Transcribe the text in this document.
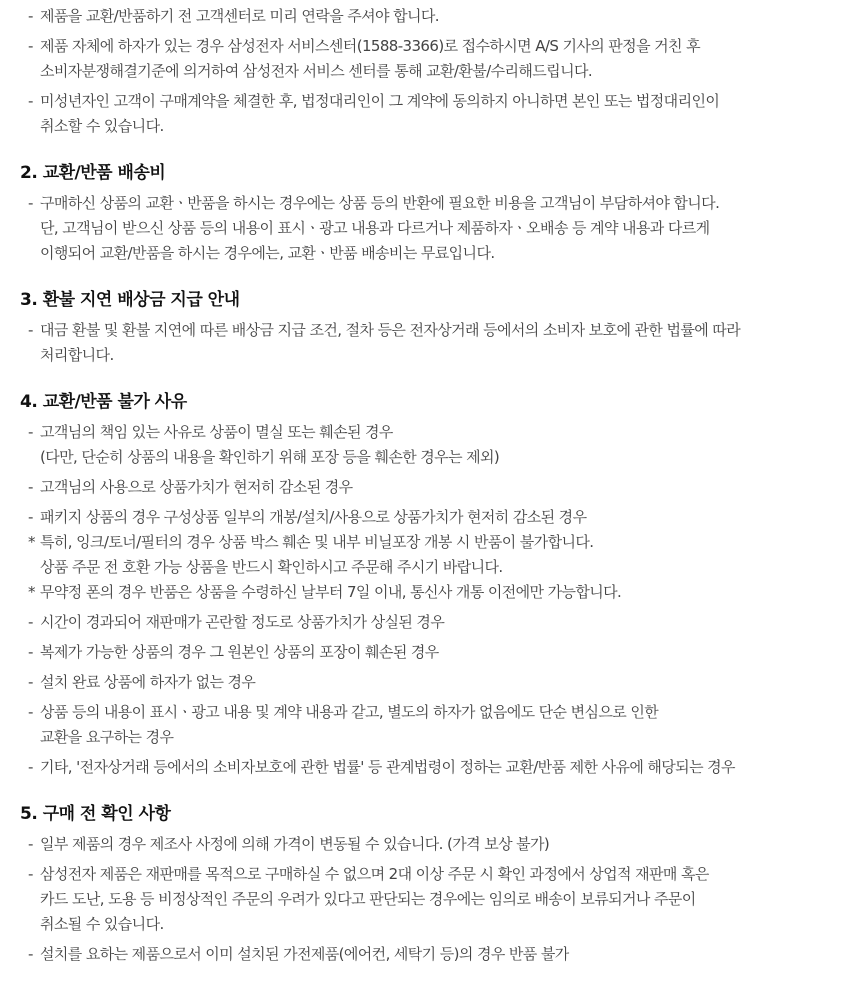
- 제품을 교환/반품하기 전 고객센터로 미리 연락을 주셔야 합니다.
- 제품 자체에 하자가 있는 경우 삼성전자 서비스센터(1588-3366)로 접수하시면 A/S 기사의 판정을 거친 후
소비자분쟁해결기준에 의거하여 삼성전자 서비스 센터를 통해 교환/환불/수리해드립니다.
- 미성년자인 고객이 구매계약을 체결한 후, 법정대리인이 그 계약에 동의하지 아니하면 본인 또는 법정대리인이
취소할 수 있습니다.
2. 교환/반품 배송비
- 구매하신 상품의 교환ㆍ반품을 하시는 경우에는 상품 등의 반환에 필요한 비용을 고객님이 부담하셔야 합니다.
단, 고객님이 받으신 상품 등의 내용이 표시ㆍ광고 내용과 다르거나 제품하자ㆍ오배송 등 계약 내용과 다르게
이행되어 교환/반품을 하시는 경우에는, 교환ㆍ반품 배송비는 무료입니다.
3. 환불 지연 배상금 지급 안내
- 대금 환불 및 환불 지연에 따른 배상금 지급 조건, 절차 등은 전자상거래 등에서의 소비자 보호에 관한 법률에 따라
처리합니다.
4. 교환/반품 불가 사유
- 고객님의 책임 있는 사유로 상품이 멸실 또는 훼손된 경우
(다만, 단순히 상품의 내용을 확인하기 위해 포장 등을 훼손한 경우는 제외)
- 고객님의 사용으로 상품가치가 현저히 감소된 경우
- 패키지 상품의 경우 구성상품 일부의 개봉/설치/사용으로 상품가치가 현저히 감소된 경우
* 특히, 잉크/토너/필터의 경우 상품 박스 훼손 및 내부 비닐포장 개봉 시 반품이 불가합니다.
상품 주문 전 호환 가능 상품을 반드시 확인하시고 주문해 주시기 바랍니다.
* 무약정 폰의 경우 반품은 상품을 수령하신 날부터 7일 이내, 통신사 개통 이전에만 가능합니다.
- 시간이 경과되어 재판매가 곤란할 정도로 상품가치가 상실된 경우
- 복제가 가능한 상품의 경우 그 원본인 상품의 포장이 훼손된 경우
- 설치 완료 상품에 하자가 없는 경우
- 상품 등의 내용이 표시ㆍ광고 내용 및 계약 내용과 같고, 별도의 하자가 없음에도 단순 변심으로 인한
교환을 요구하는 경우
- 기타, '전자상거래 등에서의 소비자보호에 관한 법률' 등 관계법령이 정하는 교환/반품 제한 사유에 해당되는 경우
5. 구매 전 확인 사항
- 일부 제품의 경우 제조사 사정에 의해 가격이 변동될 수 있습니다. (가격 보상 불가)
- 삼성전자 제품은 재판매를 목적으로 구매하실 수 없으며 2대 이상 주문 시 확인 과정에서 상업적 재판매 혹은
카드 도난, 도용 등 비정상적인 주문의 우려가 있다고 판단되는 경우에는 임의로 배송이 보류되거나 주문이
취소될 수 있습니다.
- 설치를 요하는 제품으로서 이미 설치된 가전제품(에어컨, 세탁기 등)의 경우 반품 불가
